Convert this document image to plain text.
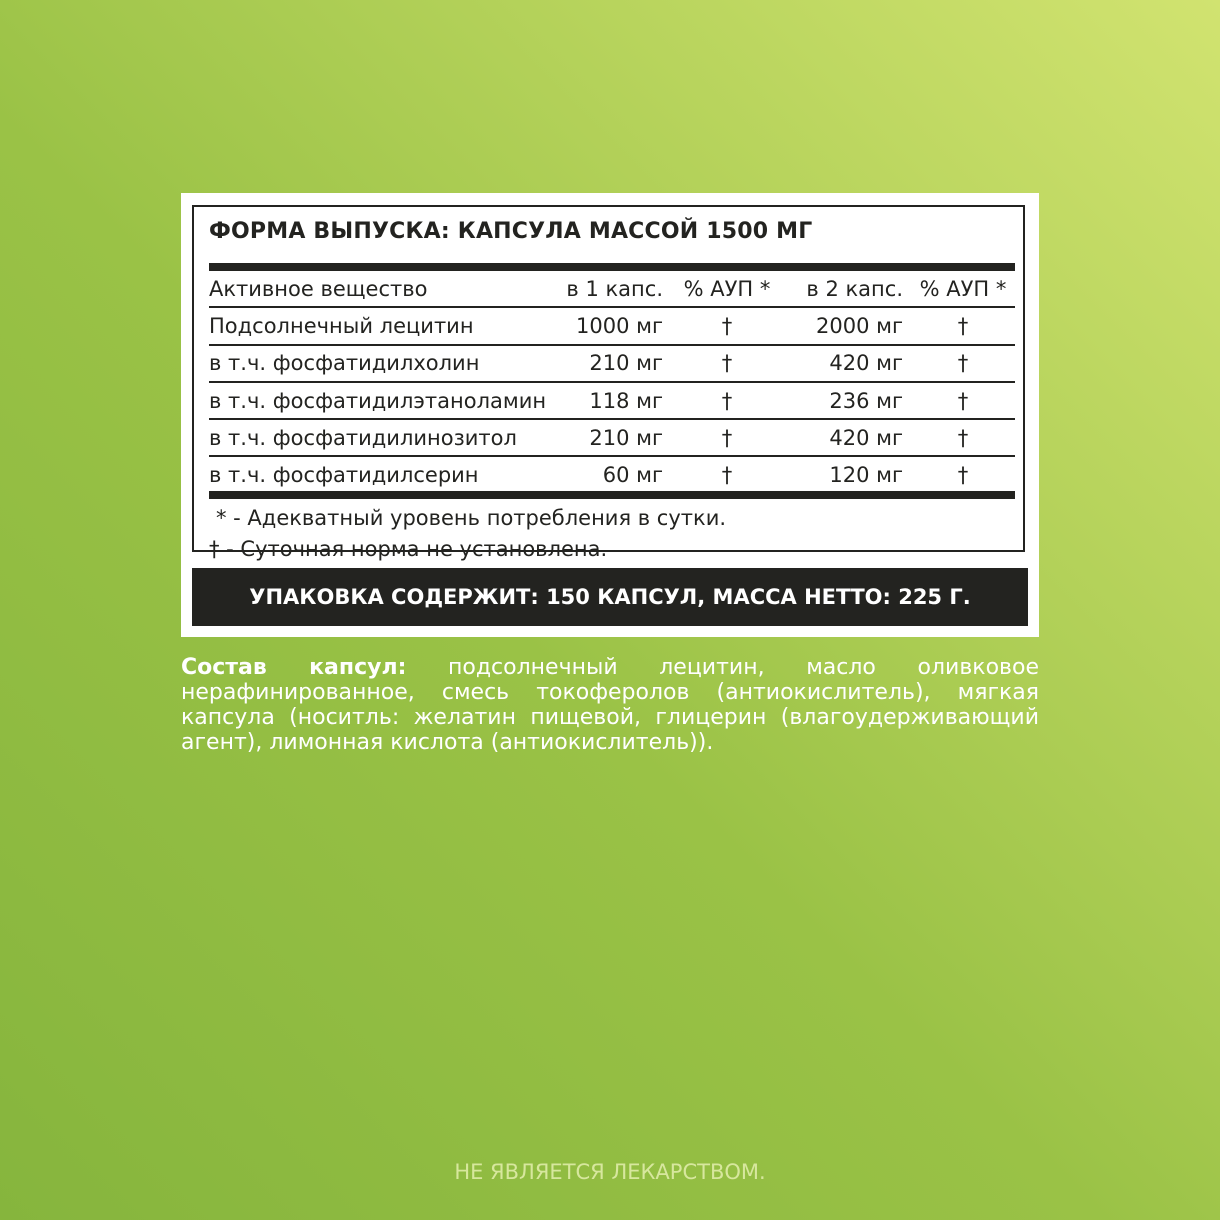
ФОРМА ВЫПУСКА: КАПСУЛА МАССОЙ 1500 МГ
Активное вещество	в 1 капс.	% АУП *	в 2 капс.	% АУП *
Подсолнечный лецитин	1000 мг	†	2000 мг	†
в т.ч. фосфатидилхолин	210 мг	†	420 мг	†
в т.ч. фосфатидилэтаноламин	118 мг	†	236 мг	†
в т.ч. фосфатидилинозитол	210 мг	†	420 мг	†
в т.ч. фосфатидилсерин	60 мг	†	120 мг	†
* - Адекватный уровень потребления в сутки.
† - Суточная норма не установлена.
УПАКОВКА СОДЕРЖИТ: 150 КАПСУЛ, МАССА НЕТТО: 225 Г.
Состав капсул: подсолнечный лецитин, масло оливковое нерафинированное, смесь токоферолов (антиокислитель), мягкая капсула (носитль: желатин пищевой, глицерин (влагоудерживающий агент), лимонная кислота (антиокислитель)).
НЕ ЯВЛЯЕТСЯ ЛЕКАРСТВОМ.
